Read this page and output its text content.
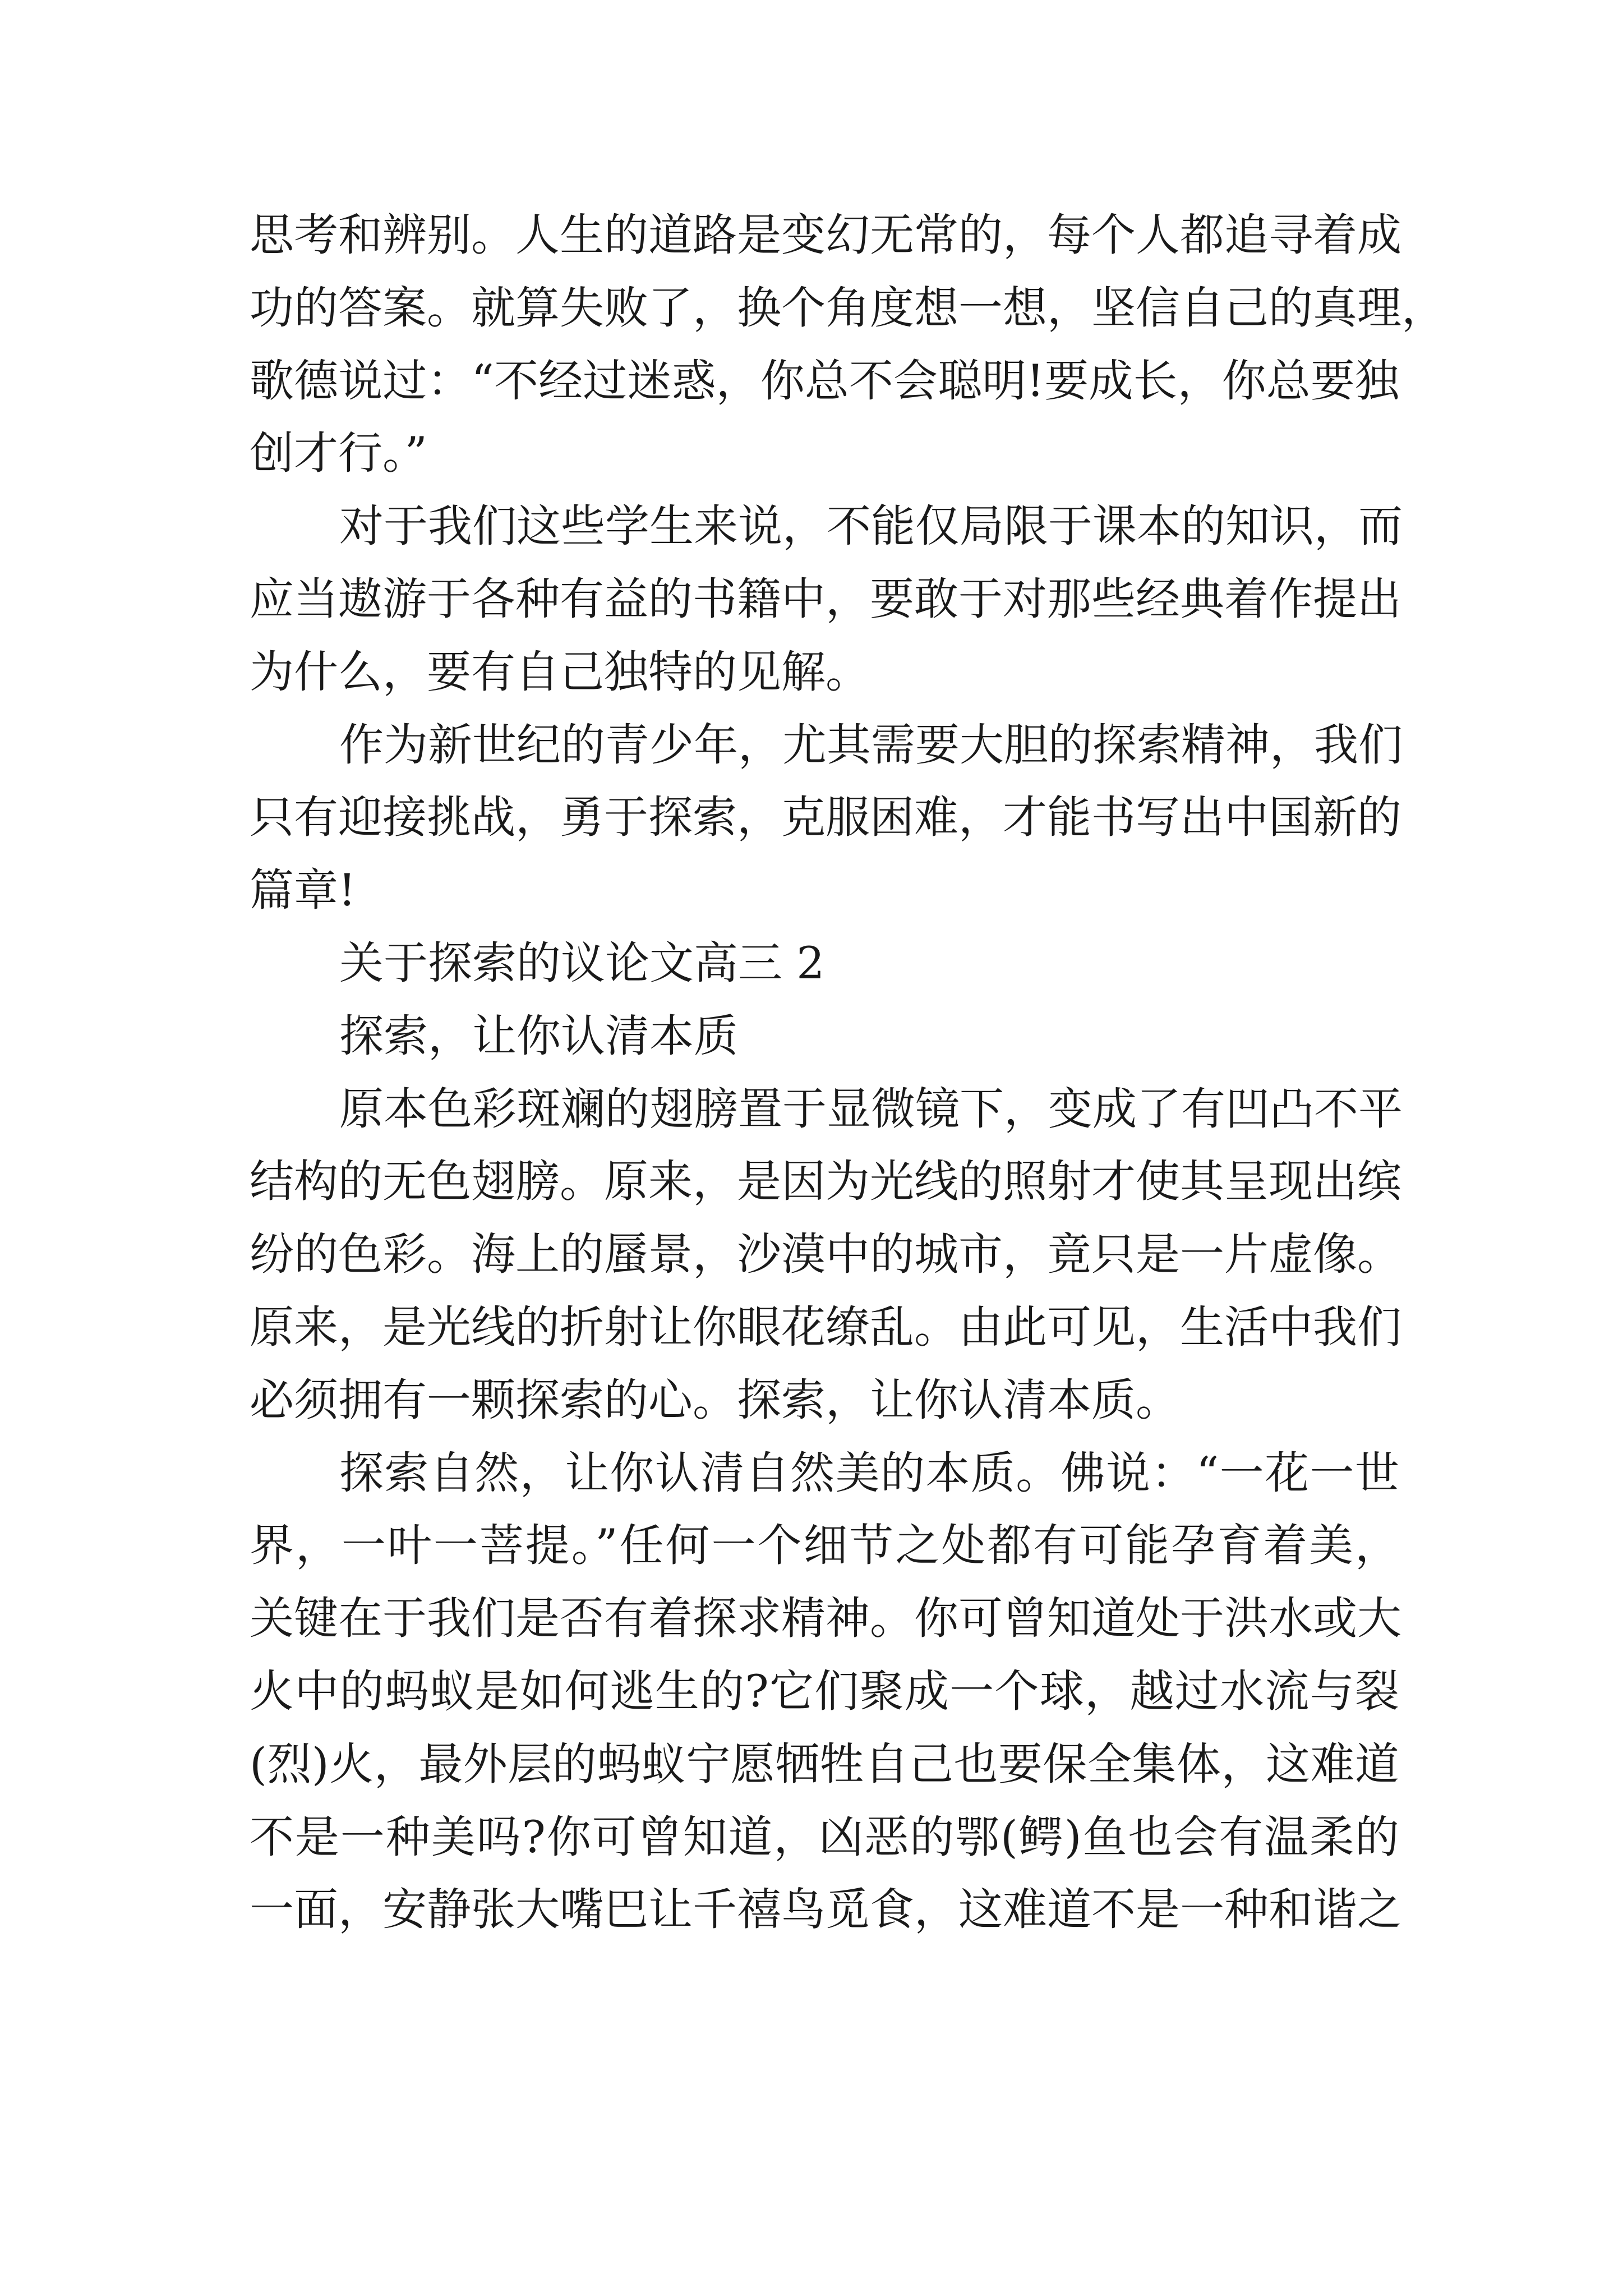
思考和辨别。人生的道路是变幻无常的，每个人都追寻着成
功的答案。就算失败了，换个角度想一想，坚信自己的真理，
歌德说过：“不经过迷惑，你总不会聪明!要成长，你总要独
创才行。”
对于我们这些学生来说，不能仅局限于课本的知识，而
应当遨游于各种有益的书籍中，要敢于对那些经典着作提出
为什么，要有自己独特的见解。
作为新世纪的青少年，尤其需要大胆的探索精神，我们
只有迎接挑战，勇于探索，克服困难，才能书写出中国新的
篇章!
关于探索的议论文高三 2
探索，让你认清本质
原本色彩斑斓的翅膀置于显微镜下，变成了有凹凸不平
结构的无色翅膀。原来，是因为光线的照射才使其呈现出缤
纷的色彩。海上的蜃景，沙漠中的城市，竟只是一片虚像。
原来，是光线的折射让你眼花缭乱。由此可见，生活中我们
必须拥有一颗探索的心。探索，让你认清本质。
探索自然，让你认清自然美的本质。佛说：“一花一世
界，一叶一菩提。”任何一个细节之处都有可能孕育着美，
关键在于我们是否有着探求精神。你可曾知道处于洪水或大
火中的蚂蚁是如何逃生的?它们聚成一个球，越过水流与裂
(烈)火，最外层的蚂蚁宁愿牺牲自己也要保全集体，这难道
不是一种美吗?你可曾知道，凶恶的鄂(鳄)鱼也会有温柔的
一面，安静张大嘴巴让千禧鸟觅食，这难道不是一种和谐之
